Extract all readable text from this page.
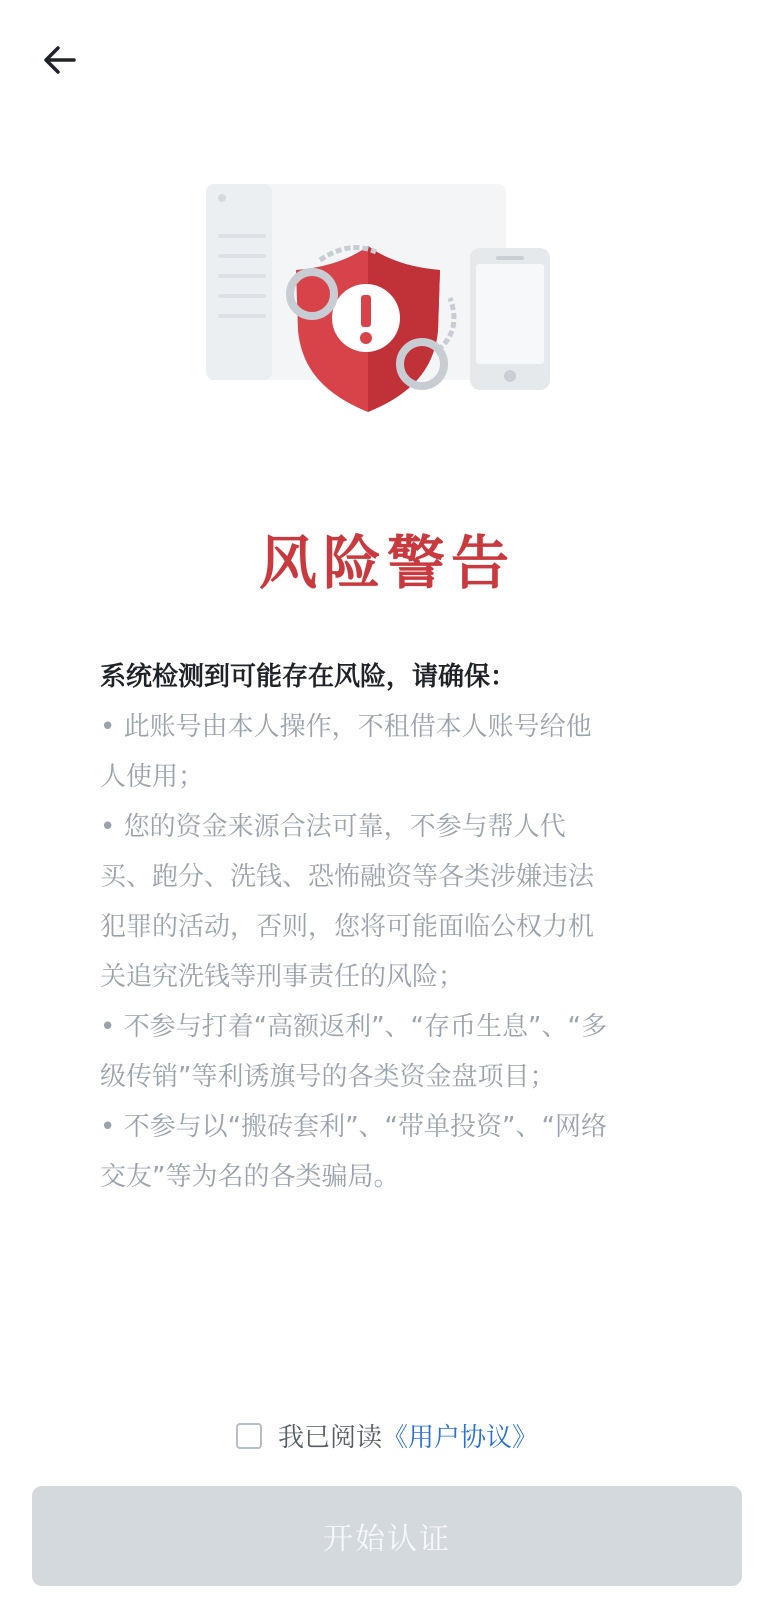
风险警告

系统检测到可能存在风险，请确保：

• 此账号由本人操作，不租借本人账号给他

人使用；

• 您的资金来源合法可靠，不参与帮人代

买、跑分、洗钱、恐怖融资等各类涉嫌违法

犯罪的活动，否则，您将可能面临公权力机

关追究洗钱等刑事责任的风险；

• 不参与打着“高额返利”、“存币生息”、“多

级传销”等利诱旗号的各类资金盘项目；

• 不参与以“搬砖套利”、“带单投资”、“网络

交友”等为名的各类骗局。

我已阅读 《用户协议》
开始认证
